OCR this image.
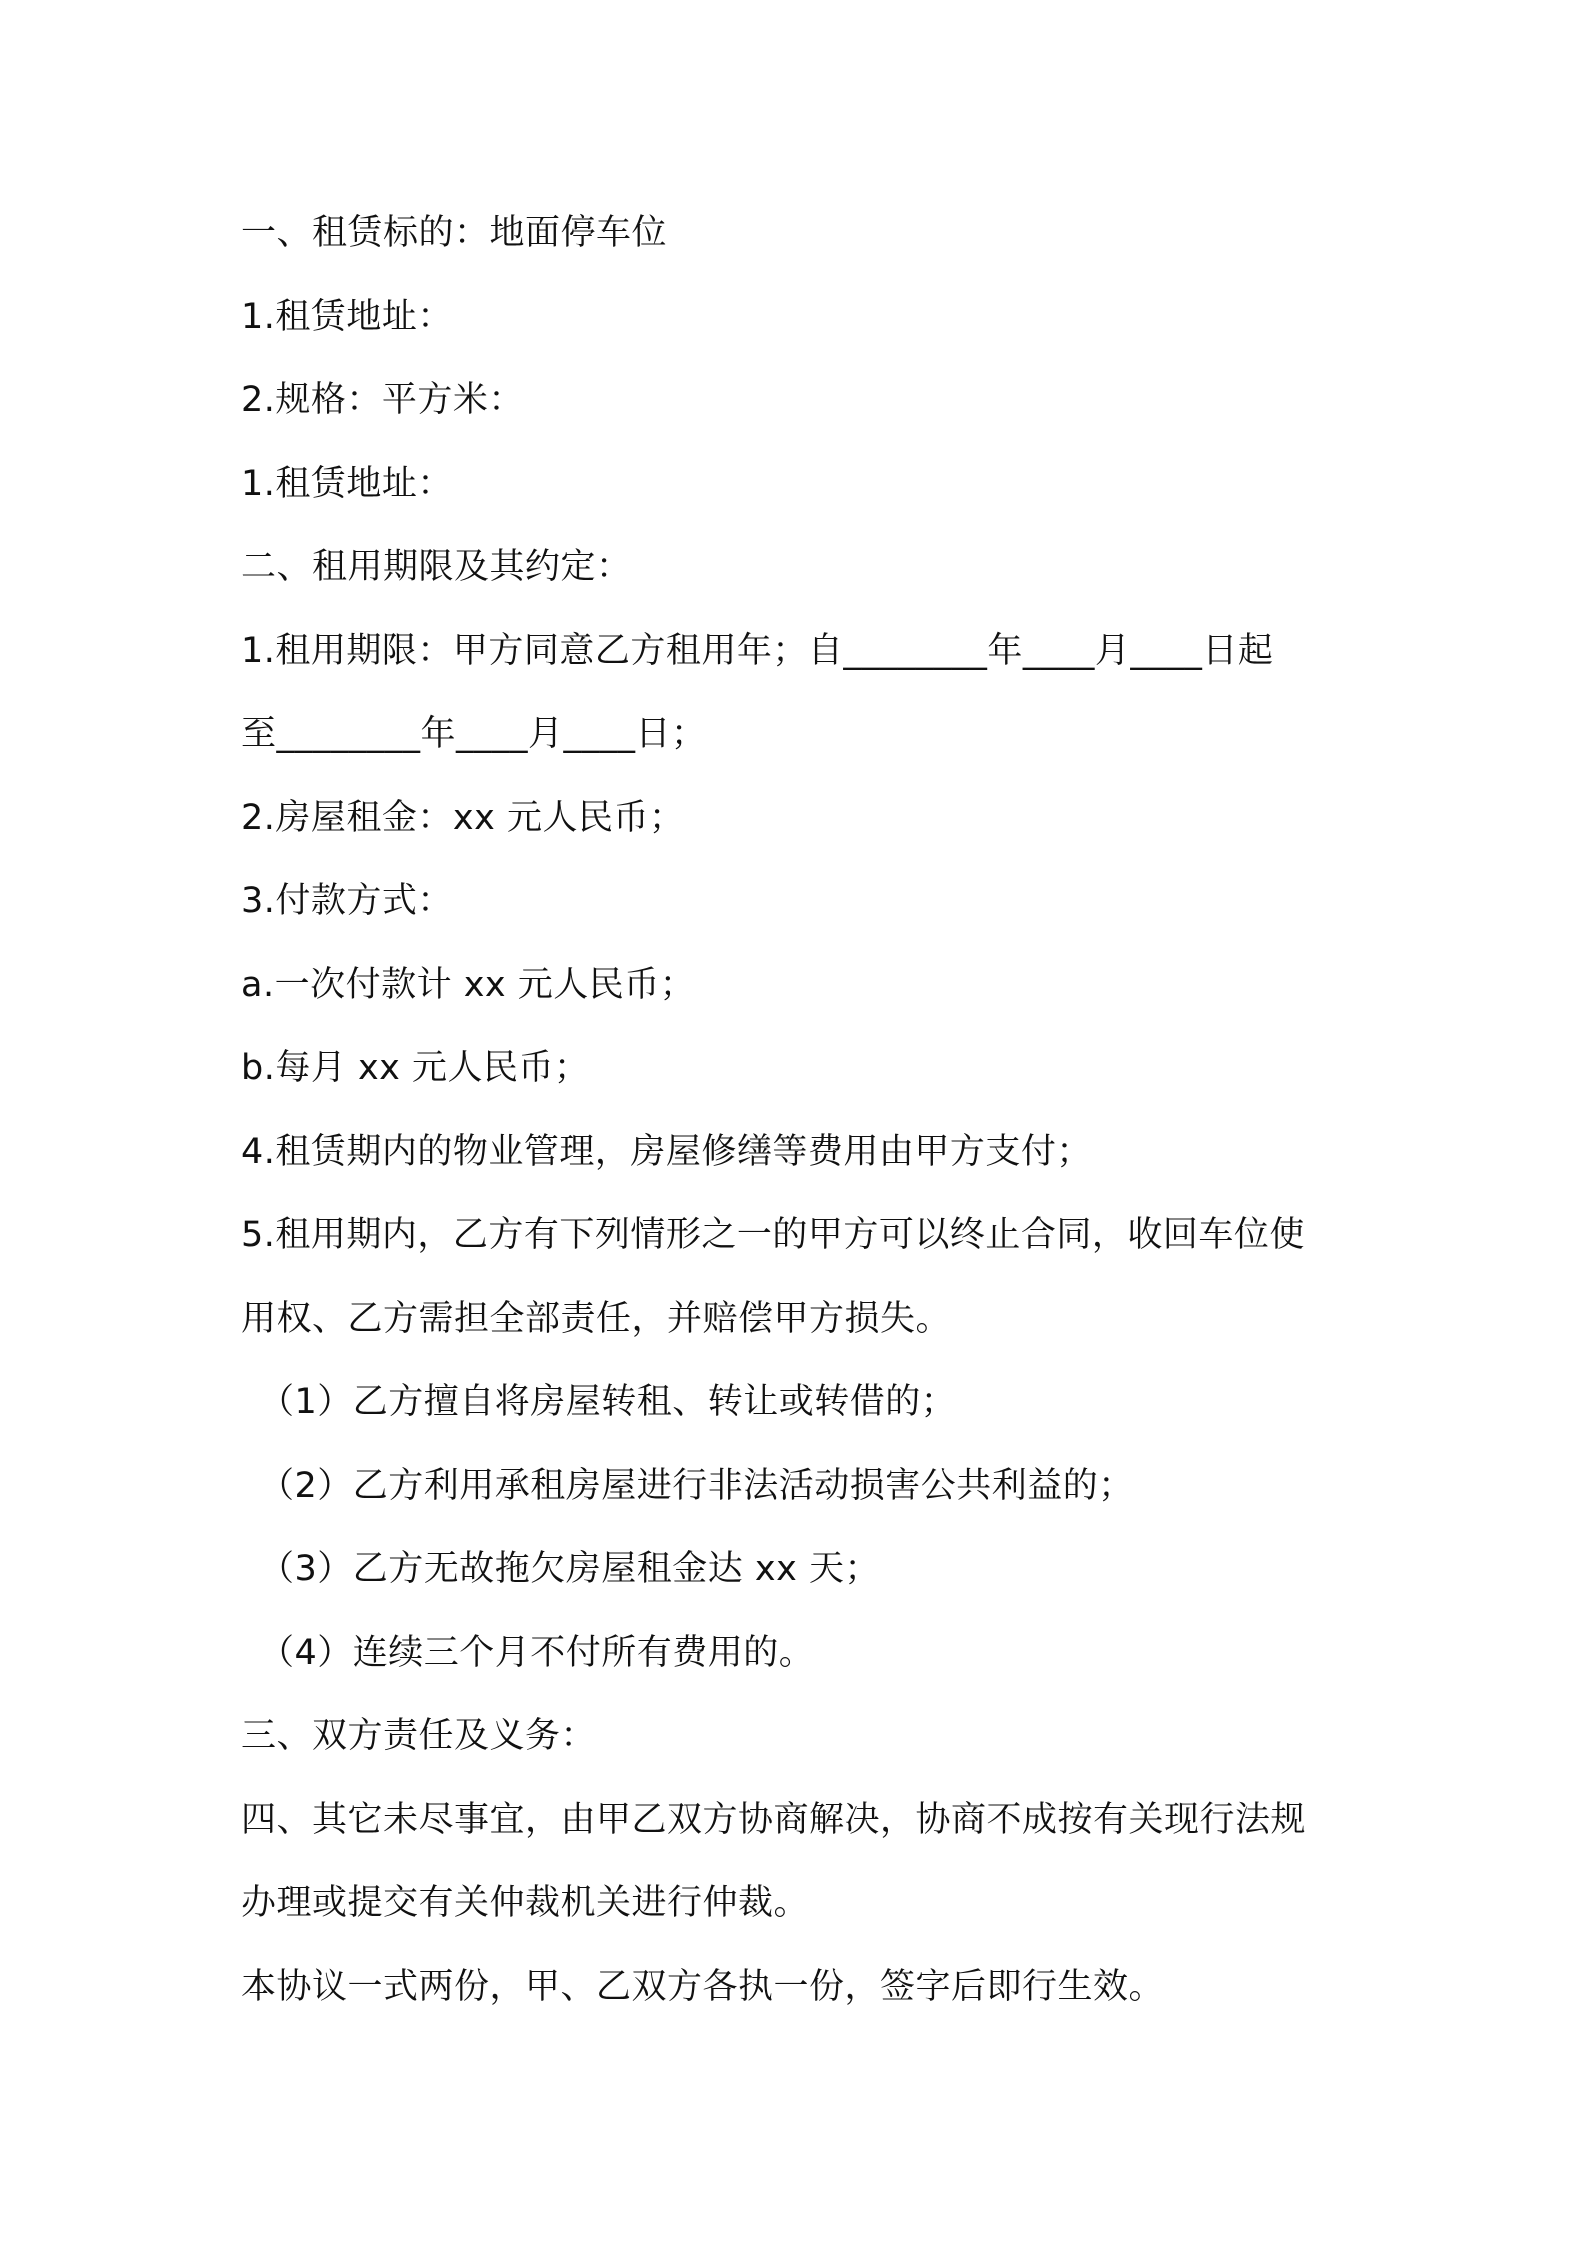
一、租赁标的：地面停车位
1.租赁地址：
2.规格：平方米：
1.租赁地址：
二、租用期限及其约定：
1.租用期限：甲方同意乙方租用年；自________年____月____日起
至________年____月____日；
2.房屋租金：xx 元人民币；
3.付款方式：
a.一次付款计 xx 元人民币；
b.每月 xx 元人民币；
4.租赁期内的物业管理，房屋修缮等费用由甲方支付；
5.租用期内，乙方有下列情形之一的甲方可以终止合同，收回车位使
用权、乙方需担全部责任，并赔偿甲方损失。
（1）乙方擅自将房屋转租、转让或转借的；
（2）乙方利用承租房屋进行非法活动损害公共利益的；
（3）乙方无故拖欠房屋租金达 xx 天；
（4）连续三个月不付所有费用的。
三、双方责任及义务：
四、其它未尽事宜，由甲乙双方协商解决，协商不成按有关现行法规
办理或提交有关仲裁机关进行仲裁。
本协议一式两份，甲、乙双方各执一份，签字后即行生效。
